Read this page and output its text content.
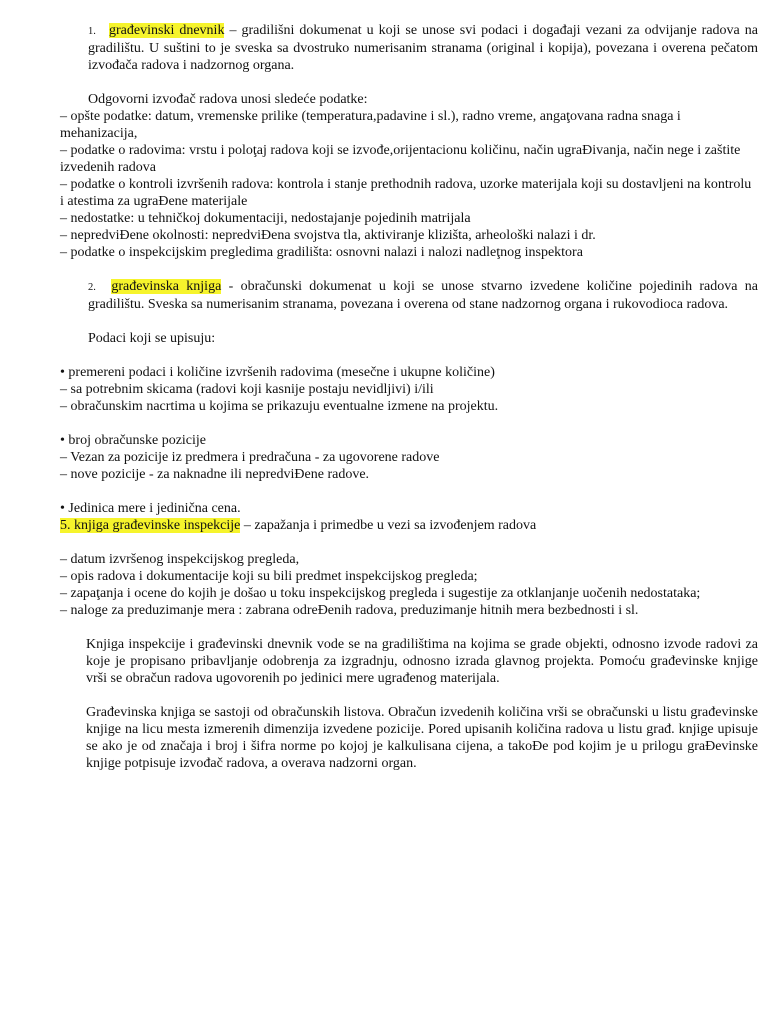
1. građevinski dnevnik – gradilišni dokumenat u koji se unose svi podaci i događaji vezani za odvijanje radova na gradilištu. U suštini to je sveska sa dvostruko numerisanim stranama (original i kopija), povezana i overena pečatom izvođača radova i nadzornog organa.

Odgovorni izvođač radova unosi sledeće podatke:

– opšte podatke: datum, vremenske prilike (temperatura,padavine i sl.), radno vreme, angaţovana radna snaga i mehanizacija,

– podatke o radovima: vrstu i poloţaj radova koji se izvođe,orijentacionu količinu, način ugraĐivanja, način nege i zaštite izvedenih radova

– podatke o kontroli izvršenih radova: kontrola i stanje prethodnih radova, uzorke materijala koji su dostavljeni na kontrolu i atestima za ugraĐene materijale

– nedostatke: u tehničkoj dokumentaciji, nedostajanje pojedinih matrijala

– nepredviĐene okolnosti: nepredviĐena svojstva tla, aktiviranje klizišta, arheološki nalazi i dr.

– podatke o inspekcijskim pregledima gradilišta: osnovni nalazi i nalozi nadleţnog inspektora

2. građevinska knjiga - obračunski dokumenat u koji se unose stvarno izvedene količine pojedinih radova na gradilištu. Sveska sa numerisanim stranama, povezana i overena od stane nadzornog organa i rukovodioca radova.

Podaci koji se upisuju:

• premereni podaci i količine izvršenih radovima (mesečne i ukupne količine)

– sa potrebnim skicama (radovi koji kasnije postaju nevidljivi) i/ili

– obračunskim nacrtima u kojima se prikazuju eventualne izmene na projektu.

• broj obračunske pozicije

– Vezan za pozicije iz predmera i predračuna - za ugovorene radove

– nove pozicije - za naknadne ili nepredviĐene radove.

• Jedinica mere i jedinična cena.

5. knjiga građevinske inspekcije – zapažanja i primedbe u vezi sa izvođenjem radova

– datum izvršenog inspekcijskog pregleda,

– opis radova i dokumentacije koji su bili predmet inspekcijskog pregleda;

– zapaţanja i ocene do kojih je došao u toku inspekcijskog pregleda i sugestije za otklanjanje uočenih nedostataka;

– naloge za preduzimanje mera : zabrana odreĐenih radova, preduzimanje hitnih mera bezbednosti i sl.

Knjiga inspekcije i građevinski dnevnik vode se na gradilištima na kojima se grade objekti, odnosno izvode radovi za koje je propisano pribavljanje odobrenja za izgradnju, odnosno izrada glavnog projekta. Pomoću građevinske knjige vrši se obračun radova ugovorenih po jedinici mere ugrađenog materijala.

Građevinska knjiga se sastoji od obračunskih listova. Obračun izvedenih količina vrši se obračunski u listu građevinske knjige na licu mesta izmerenih dimenzija izvedene pozicije. Pored upisanih količina radova u listu građ. knjige upisuje se ako je od značaja i broj i šifra norme po kojoj je kalkulisana cijena, a takoĐe pod kojim je u prilogu graĐevinske knjige potpisuje izvođač radova, a overava nadzorni organ.
